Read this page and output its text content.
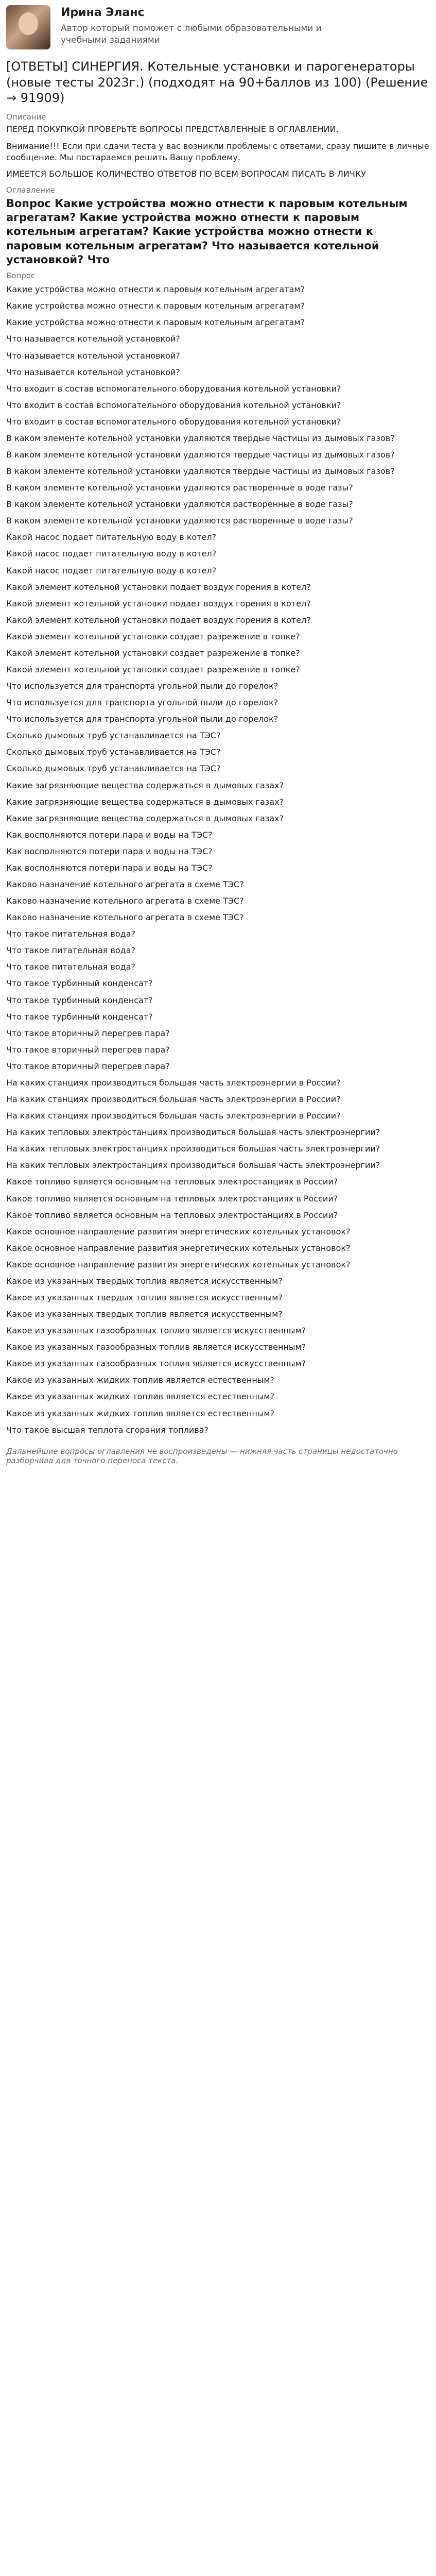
Ирина Эланс
Автор который поможет с любыми образовательными и учебными заданиями
[ОТВЕТЫ] СИНЕРГИЯ. Котельные установки и парогенераторы (новые тесты 2023г.) (подходят на 90+баллов из 100) (Решение → 91909)
Описание

ПЕРЕД ПОКУПКОЙ ПРОВЕРЬТЕ ВОПРОСЫ ПРЕДСТАВЛЕННЫЕ В ОГЛАВЛЕНИИ.

Внимание!!! Если при сдачи теста у вас возникли проблемы с ответами, сразу пишите в личные сообщение. Мы постараемся решить Вашу проблему.

ИМЕЕТСЯ БОЛЬШОЕ КОЛИЧЕСТВО ОТВЕТОВ ПО ВСЕМ ВОПРОСАМ ПИСАТЬ В ЛИЧКУ

Оглавление
Вопрос Какие устройства можно отнести к паровым котельным агрегатам? Какие устройства можно отнести к паровым котельным агрегатам? Какие устройства можно отнести к паровым котельным агрегатам? Что называется котельной установкой? Что
Вопрос
Какие устройства можно отнести к паровым котельным агрегатам?
Какие устройства можно отнести к паровым котельным агрегатам?
Какие устройства можно отнести к паровым котельным агрегатам?
Что называется котельной установкой?
Что называется котельной установкой?
Что называется котельной установкой?
Что входит в состав вспомогательного оборудования котельной установки?
Что входит в состав вспомогательного оборудования котельной установки?
Что входит в состав вспомогательного оборудования котельной установки?
В каком элементе котельной установки удаляются твердые частицы из дымовых газов?
В каком элементе котельной установки удаляются твердые частицы из дымовых газов?
В каком элементе котельной установки удаляются твердые частицы из дымовых газов?
В каком элементе котельной установки удаляются растворенные в воде газы?
В каком элементе котельной установки удаляются растворенные в воде газы?
В каком элементе котельной установки удаляются растворенные в воде газы?
Какой насос подает питательную воду в котел?
Какой насос подает питательную воду в котел?
Какой насос подает питательную воду в котел?
Какой элемент котельной установки подает воздух горения в котел?
Какой элемент котельной установки подает воздух горения в котел?
Какой элемент котельной установки подает воздух горения в котел?
Какой элемент котельной установки создает разрежение в топке?
Какой элемент котельной установки создает разрежение в топке?
Какой элемент котельной установки создает разрежение в топке?
Что используется для транспорта угольной пыли до горелок?
Что используется для транспорта угольной пыли до горелок?
Что используется для транспорта угольной пыли до горелок?
Сколько дымовых труб устанавливается на ТЭС?
Сколько дымовых труб устанавливается на ТЭС?
Сколько дымовых труб устанавливается на ТЭС?
Какие загрязняющие вещества содержаться в дымовых газах?
Какие загрязняющие вещества содержаться в дымовых газах?
Какие загрязняющие вещества содержаться в дымовых газах?
Как восполняются потери пара и воды на ТЭС?
Как восполняются потери пара и воды на ТЭС?
Как восполняются потери пара и воды на ТЭС?
Каково назначение котельного агрегата в схеме ТЭС?
Каково назначение котельного агрегата в схеме ТЭС?
Каково назначение котельного агрегата в схеме ТЭС?
Что такое питательная вода?
Что такое питательная вода?
Что такое питательная вода?
Что такое турбинный конденсат?
Что такое турбинный конденсат?
Что такое турбинный конденсат?
Что такое вторичный перегрев пара?
Что такое вторичный перегрев пара?
Что такое вторичный перегрев пара?
На каких станциях производиться большая часть электроэнергии в России?
На каких станциях производиться большая часть электроэнергии в России?
На каких станциях производиться большая часть электроэнергии в России?
На каких тепловых электростанциях производиться большая часть электроэнергии?
На каких тепловых электростанциях производиться большая часть электроэнергии?
На каких тепловых электростанциях производиться большая часть электроэнергии?
Какое топливо является основным на тепловых электростанциях в России?
Какое топливо является основным на тепловых электростанциях в России?
Какое топливо является основным на тепловых электростанциях в России?
Какое основное направление развития энергетических котельных установок?
Какое основное направление развития энергетических котельных установок?
Какое основное направление развития энергетических котельных установок?
Какое из указанных твердых топлив является искусственным?
Какое из указанных твердых топлив является искусственным?
Какое из указанных твердых топлив является искусственным?
Какое из указанных газообразных топлив является искусственным?
Какое из указанных газообразных топлив является искусственным?
Какое из указанных газообразных топлив является искусственным?
Какое из указанных жидких топлив является естественным?
Какое из указанных жидких топлив является естественным?
Какое из указанных жидких топлив является естественным?
Что такое высшая теплота сгорания топлива?
Дальнейшие вопросы оглавления не воспроизведены — нижняя часть страницы недостаточно разборчива для точного переноса текста.
